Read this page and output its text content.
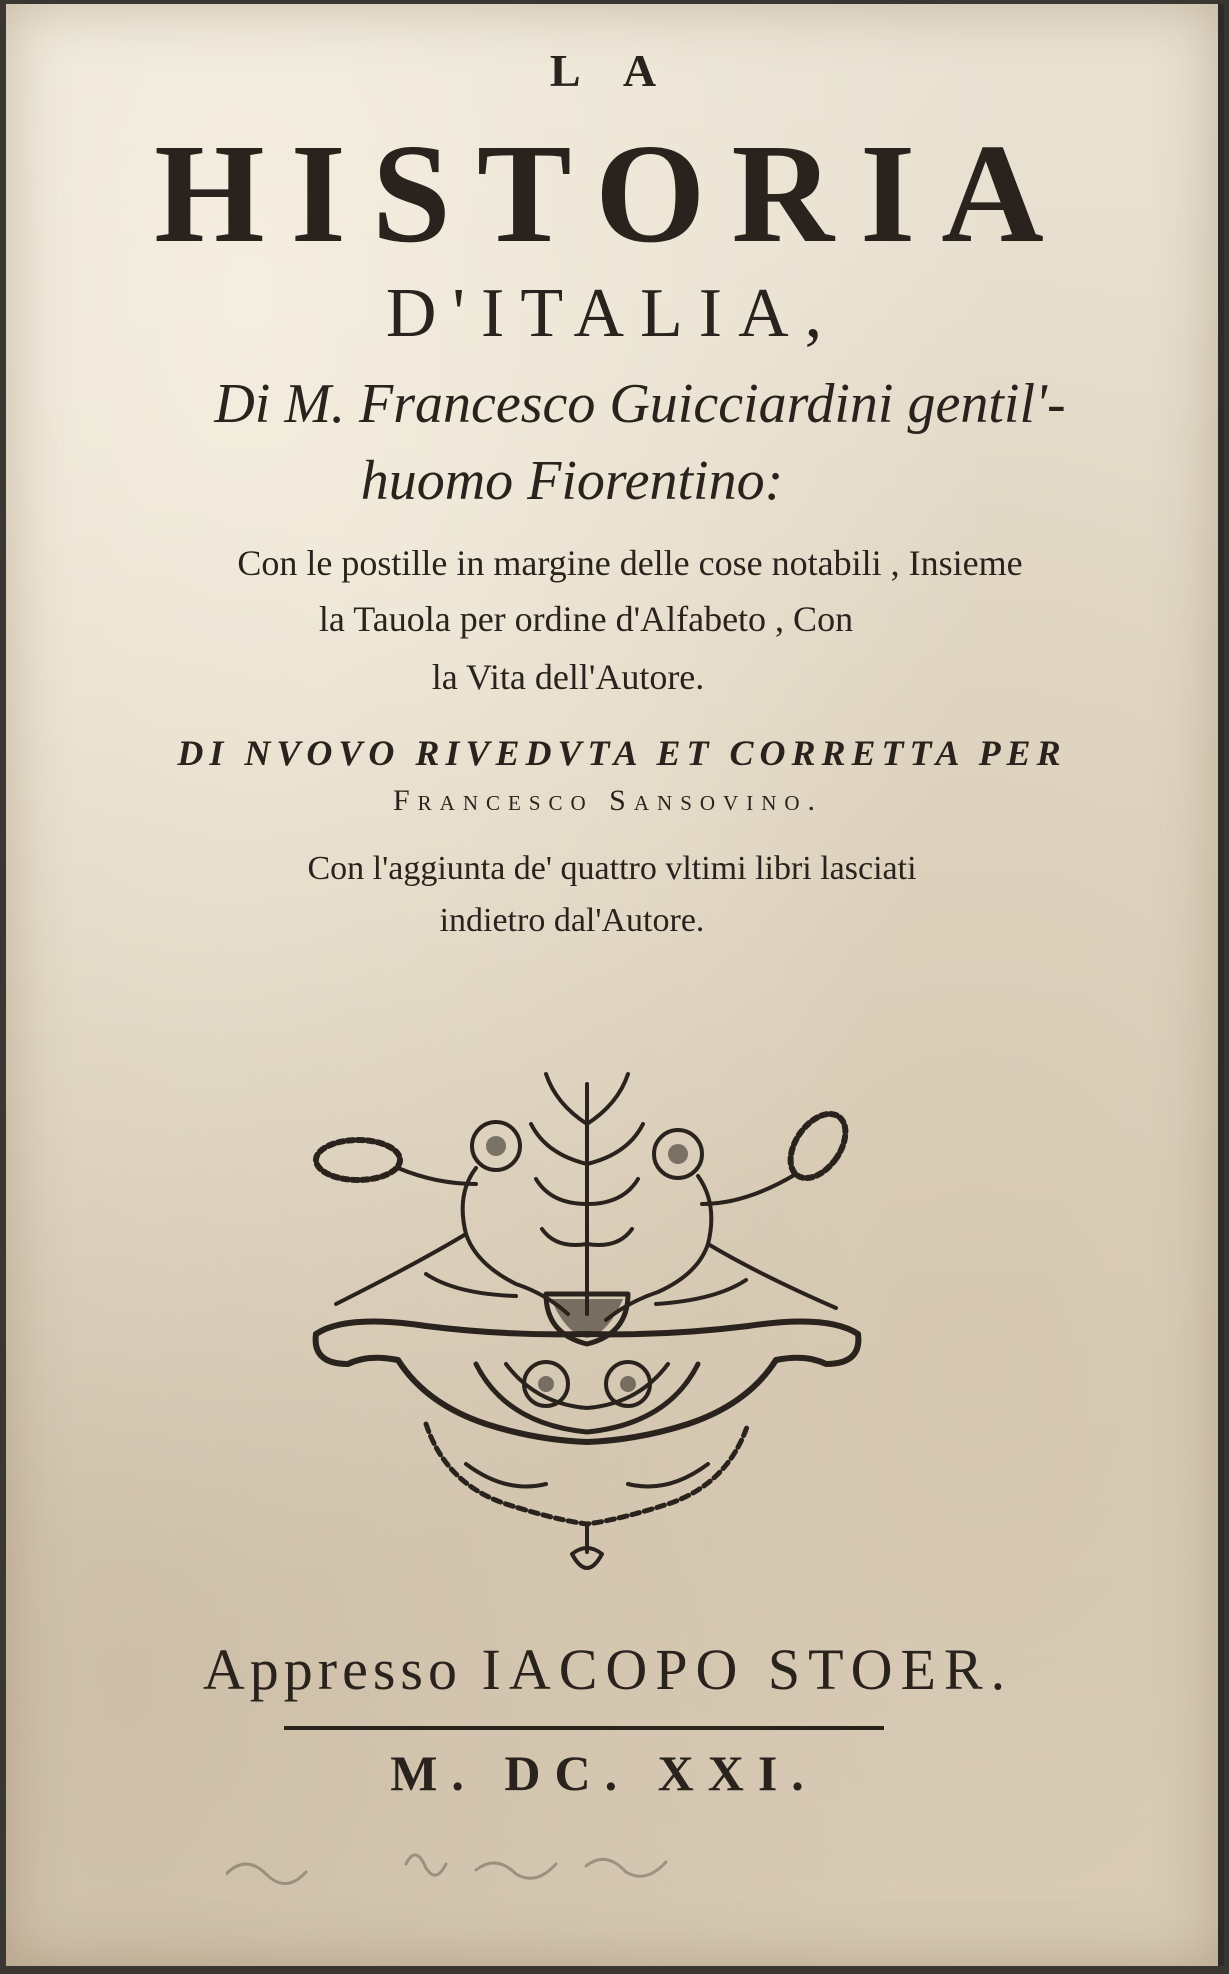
L A
HISTORIA
D'ITALIA,
Di M. Francesco Guicciardini gentil'-
huomo Fiorentino:
Con le postille in margine delle cose notabili , Insieme
la Tauola per ordine d'Alfabeto , Con
la Vita dell'Autore.
DI NVOVO RIVEDVTA ET CORRETTA PER
Francesco Sansovino.
Con l'aggiunta de' quattro vltimi libri lasciati
indietro dal'Autore.
Appresso IACOPO STOER.
M. DC. XXI.
